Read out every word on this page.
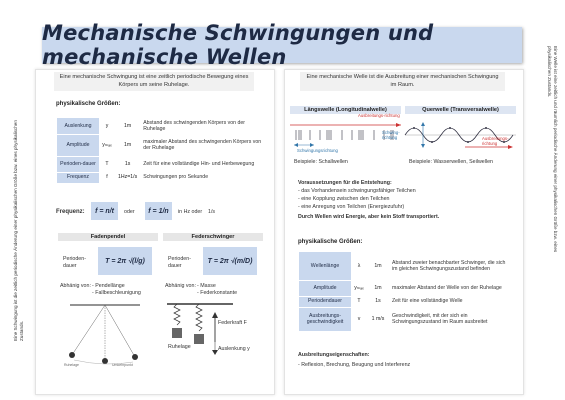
Mechanische Schwingungen und mechanische Wellen
Eine Schwingung ist die zeitlich periodische Änderung einer physikalischen Größe bzw. eines physikalischen Zustands.
Eine Welle ist eine zeitlich und räumlich periodische Änderung einer physikalischen Größe bzw. eines physikalischen Zustands.
Eine mechanische Schwingung ist eine zeitlich periodische Bewegung eines Körpers um seine Ruhelage.
physikalische Größen:
Auslenkung	y	1m	Abstand des schwingenden Körpers von der Ruhelage
Amplitude	yₘₐₓ	1m	maximaler Abstand des schwingenden Körpers von der Ruhelage
Perioden-dauer	T	1s	Zeit für eine vollständige Hin- und Herbewegung
Frequenz	f	1Hz=1/s	Schwingungen pro Sekunde
Frequenz:	f = n/t	oder	f = 1/n	in Hz oder 1/s
Fadenpendel	Federschwinger
Perioden-dauer
T = 2π √(l/g)	Perioden-dauer
T = 2π √(m/D)
Abhänig von: - Pendellänge
- Fallbeschleunigung
Abhänig von: - Masse
- Federkonstante
Ruhelage	Umkehrpunkt
Federkraft F
Ruhelage	Auslenkung y
Eine mechanische Welle ist die Ausbreitung einer mechanischen Schwingung im Raum.
Längswelle (Longitudinalwelle)	Querwelle (Transversalwelle)
Ausbreitungs-richtung
Schwingungsrichtung
Schwing-richtung	Ausbreitungs-richtung
Beispiele: Schallwellen	Beispiele: Wasserwellen, Seilwellen
Voraussetzungen für die Entstehung:
- das Vorhandensein schwingungsfähiger Teilchen
- eine Kopplung zwischen den Teilchen
- eine Anregung von Teilchen (Energiezufuhr)
Durch Wellen wird Energie, aber kein Stoff transportiert.
physikalische Größen:
Wellenlänge	λ	1m	Abstand zweier benachbarter Schwinger, die sich im gleichen Schwingungszustand befinden
Amplitude	yₘₐₓ	1m	maximaler Abstand der Welle von der Ruhelage
Periodendauer	T	1s	Zeit für eine vollständige Welle
Ausbreitungs-geschwindigkeit	v	1 m/s	Geschwindigkeit, mit der sich ein Schwingungszustand im Raum ausbreitet
Ausbreitungseigenschaften:
- Reflexion, Brechung, Beugung und Interferenz
